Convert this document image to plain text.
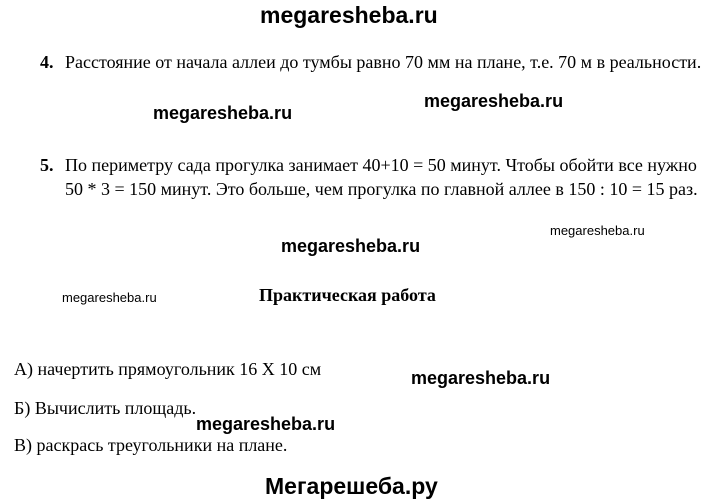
megaresheba.ru
4. Расстояние от начала аллеи до тумбы равно 70 мм на плане, т.е. 70 м в реальности.
megaresheba.ru
megaresheba.ru
5. По периметру сада прогулка занимает 40+10 = 50 минут. Чтобы обойти все нужно 50 * 3 = 150 минут. Это больше, чем прогулка по главной аллее в 150 : 10 = 15 раз.
megaresheba.ru
megaresheba.ru
megaresheba.ru	Практическая работа
А) начертить прямоугольник 16 Х 10 см	megaresheba.ru
Б) Вычислить площадь.
megaresheba.ru
В) раскрась треугольники на плане.
Мегарешеба.ру
